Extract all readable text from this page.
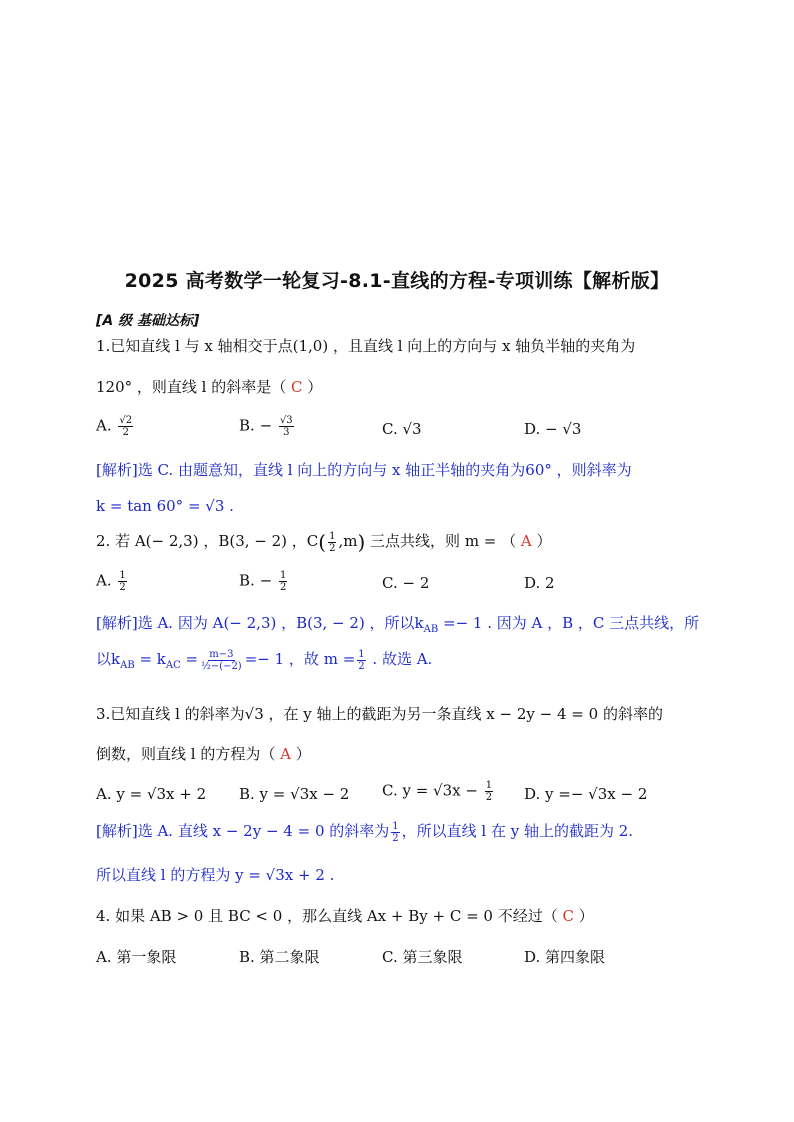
2025 高考数学一轮复习-8.1-直线的方程-专项训练【解析版】
[A 级 基础达标]
1.已知直线 l 与 x 轴相交于点(1,0) ，且直线 l 向上的方向与 x 轴负半轴的夹角为
120° ，则直线 l 的斜率是（ C ）
A. $\frac{√2}{2}$	B. − $\frac{√3}{3}$	C. √3	D. − √3
[解析]选 C. 由题意知，直线 l 向上的方向与 x 轴正半轴的夹角为60° ，则斜率为
k = tan 60° = √3 .
2. 若 A(− 2,3) ，B(3, − 2) ，$C( \frac{1}{2} ,m)$ 三点共线，则 m = （ A ）
A. $\frac{1}{2}$	B. − $\frac{1}{2}$	C. − 2	D. 2
[解析]选 A. 因为 A(− 2,3) ，B(3, − 2) ，所以$k_{AB} =- 1$ . 因为 A ，B ，C 三点共线，所
以$k_{AB} = k_{AC} = \frac{m-3}{\text{½−(−2)}} =- 1$ ，故 $m = \frac{1}{2}$ . 故选 A.
3.已知直线 l 的斜率为√3 ，在 y 轴上的截距为另一条直线 x − 2y − 4 = 0 的斜率的
倒数，则直线 l 的方程为（ A ）
A. y = √3x + 2 B. y = √3x − 2 C. $y = √3x - \frac{1}{2} D$. y =− √3x − 2
[解析]选 A. 直线 x − 2y − 4 = 0 的斜率为 $\frac{1}{2}$ ，所以直线 l 在 y 轴上的截距为 2.
所以直线 l 的方程为 y = √3x + 2 .
4. 如果 AB > 0 且 BC < 0 ，那么直线 Ax + By + C = 0 不经过（ C ）
A. 第一象限	B. 第二象限	C. 第三象限	D. 第四象限
